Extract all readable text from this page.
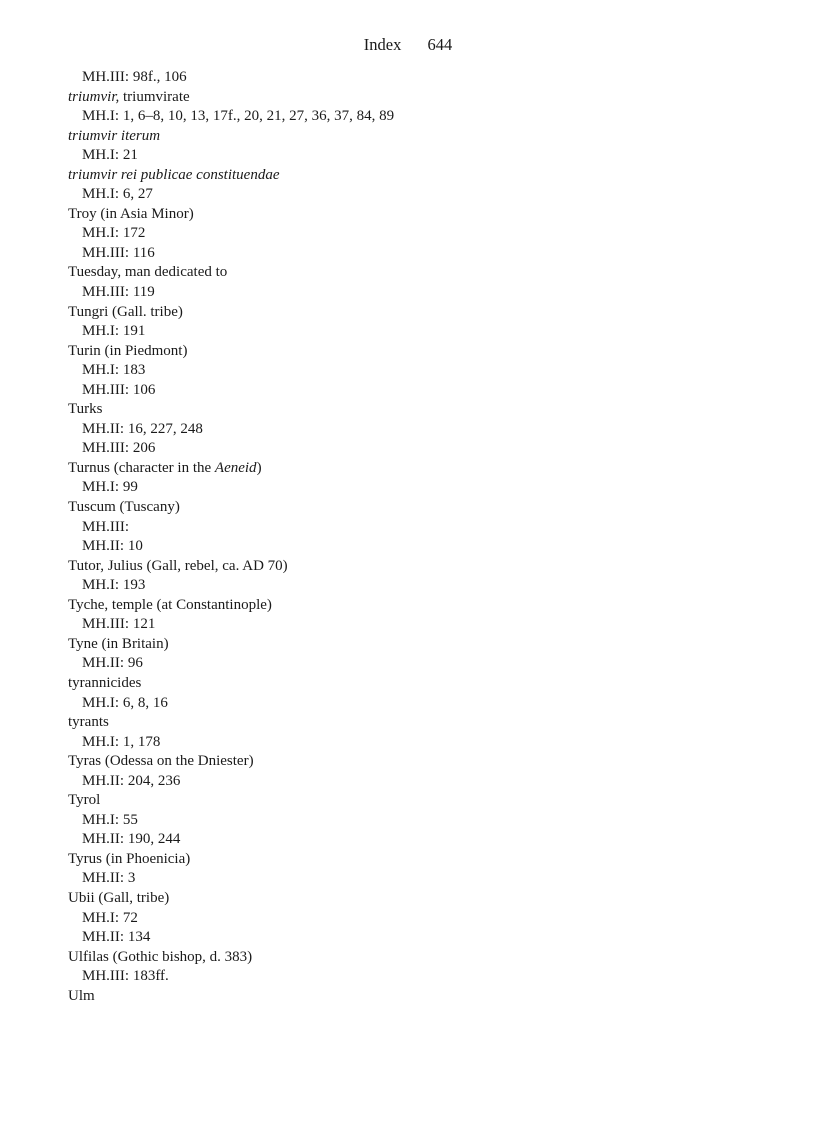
Index 644
MH.III: 98f., 106
triumvir, triumvirate
MH.I: 1, 6–8, 10, 13, 17f., 20, 21, 27, 36, 37, 84, 89
triumvir iterum
MH.I: 21
triumvir rei publicae constituendae
MH.I: 6, 27
Troy (in Asia Minor)
MH.I: 172
MH.III: 116
Tuesday, man dedicated to
MH.III: 119
Tungri (Gall. tribe)
MH.I: 191
Turin (in Piedmont)
MH.I: 183
MH.III: 106
Turks
MH.II: 16, 227, 248
MH.III: 206
Turnus (character in the Aeneid)
MH.I: 99
Tuscum (Tuscany)
MH.III:
MH.II: 10
Tutor, Julius (Gall, rebel, ca. AD 70)
MH.I: 193
Tyche, temple (at Constantinople)
MH.III: 121
Tyne (in Britain)
MH.II: 96
tyrannicides
MH.I: 6, 8, 16
tyrants
MH.I: 1, 178
Tyras (Odessa on the Dniester)
MH.II: 204, 236
Tyrol
MH.I: 55
MH.II: 190, 244
Tyrus (in Phoenicia)
MH.II: 3
Ubii (Gall, tribe)
MH.I: 72
MH.II: 134
Ulfilas (Gothic bishop, d. 383)
MH.III: 183ff.
Ulm
